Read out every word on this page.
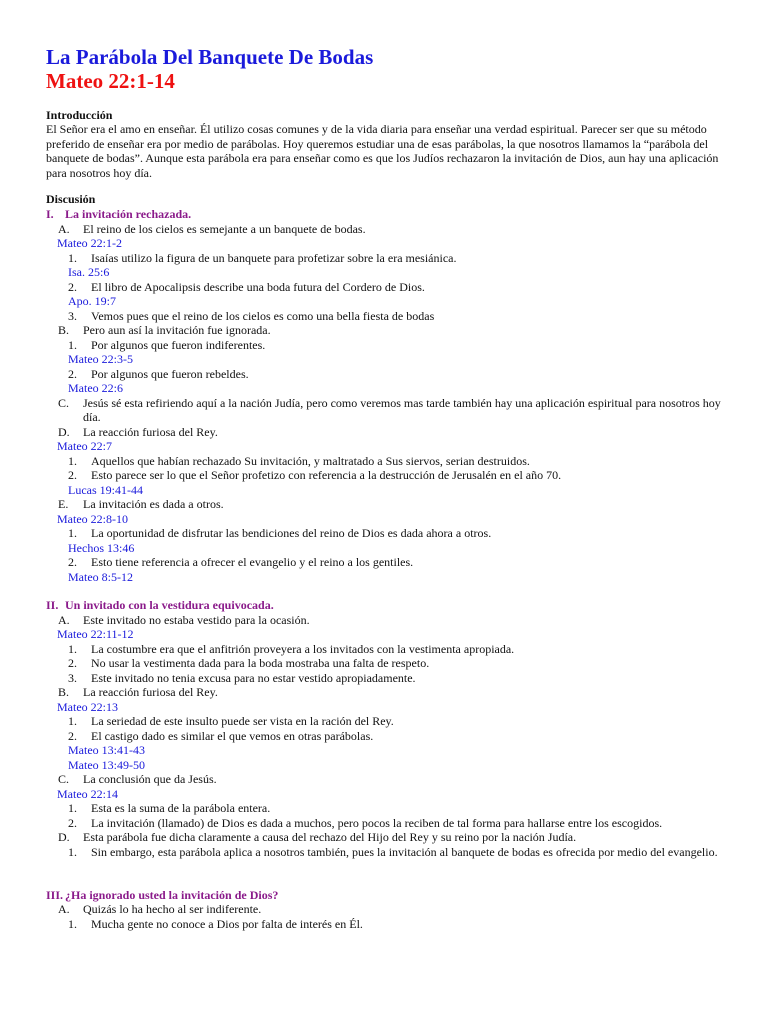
La Parábola Del Banquete De Bodas
Mateo 22:1-14
Introducción
El Señor era el amo en enseñar. Él utilizo cosas comunes y de la vida diaria para enseñar una verdad espiritual. Parecer ser que su método preferido de enseñar era por medio de parábolas. Hoy queremos estudiar una de esas parábolas, la que nosotros llamamos la “parábola del banquete de bodas”. Aunque esta parábola era para enseñar como es que los Judíos rechazaron la invitación de Dios, aun hay una aplicación para nosotros hoy día.
Discusión
I. La invitación rechazada.
A. El reino de los cielos es semejante a un banquete de bodas.
Mateo 22:1-2
1. Isaías utilizo la figura de un banquete para profetizar sobre la era mesiánica.
Isa. 25:6
2. El libro de Apocalipsis describe una boda futura del Cordero de Dios.
Apo. 19:7
3. Vemos pues que el reino de los cielos es como una bella fiesta de bodas
B. Pero aun así la invitación fue ignorada.
1. Por algunos que fueron indiferentes.
Mateo 22:3-5
2. Por algunos que fueron rebeldes.
Mateo 22:6
C. Jesús sé esta refiriendo aquí a la nación Judía, pero como veremos mas tarde también hay una aplicación espiritual para nosotros hoy día.
D. La reacción furiosa del Rey.
Mateo 22:7
1. Aquellos que habían rechazado Su invitación, y maltratado a Sus siervos, serian destruidos.
2. Esto parece ser lo que el Señor profetizo con referencia a la destrucción de Jerusalén en el año 70.
Lucas 19:41-44
E. La invitación es dada a otros.
Mateo 22:8-10
1. La oportunidad de disfrutar las bendiciones del reino de Dios es dada ahora a otros.
Hechos 13:46
2. Esto tiene referencia a ofrecer el evangelio y el reino a los gentiles.
Mateo 8:5-12
II. Un invitado con la vestidura equivocada.
A. Este invitado no estaba vestido para la ocasión.
Mateo 22:11-12
1. La costumbre era que el anfitrión proveyera a los invitados con la vestimenta apropiada.
2. No usar la vestimenta dada para la boda mostraba una falta de respeto.
3. Este invitado no tenia excusa para no estar vestido apropiadamente.
B. La reacción furiosa del Rey.
Mateo 22:13
1. La seriedad de este insulto puede ser vista en la ración del Rey.
2. El castigo dado es similar el que vemos en otras parábolas.
Mateo 13:41-43
Mateo 13:49-50
C. La conclusión que da Jesús.
Mateo 22:14
1. Esta es la suma de la parábola entera.
2. La invitación (llamado) de Dios es dada a muchos, pero pocos la reciben de tal forma para hallarse entre los escogidos.
D. Esta parábola fue dicha claramente a causa del rechazo del Hijo del Rey y su reino por la nación Judía.
1. Sin embargo, esta parábola aplica a nosotros también, pues la invitación al banquete de bodas es ofrecida por medio del evangelio.
III. ¿Ha ignorado usted la invitación de Dios?
A. Quizás lo ha hecho al ser indiferente.
1. Mucha gente no conoce a Dios por falta de interés en Él.
